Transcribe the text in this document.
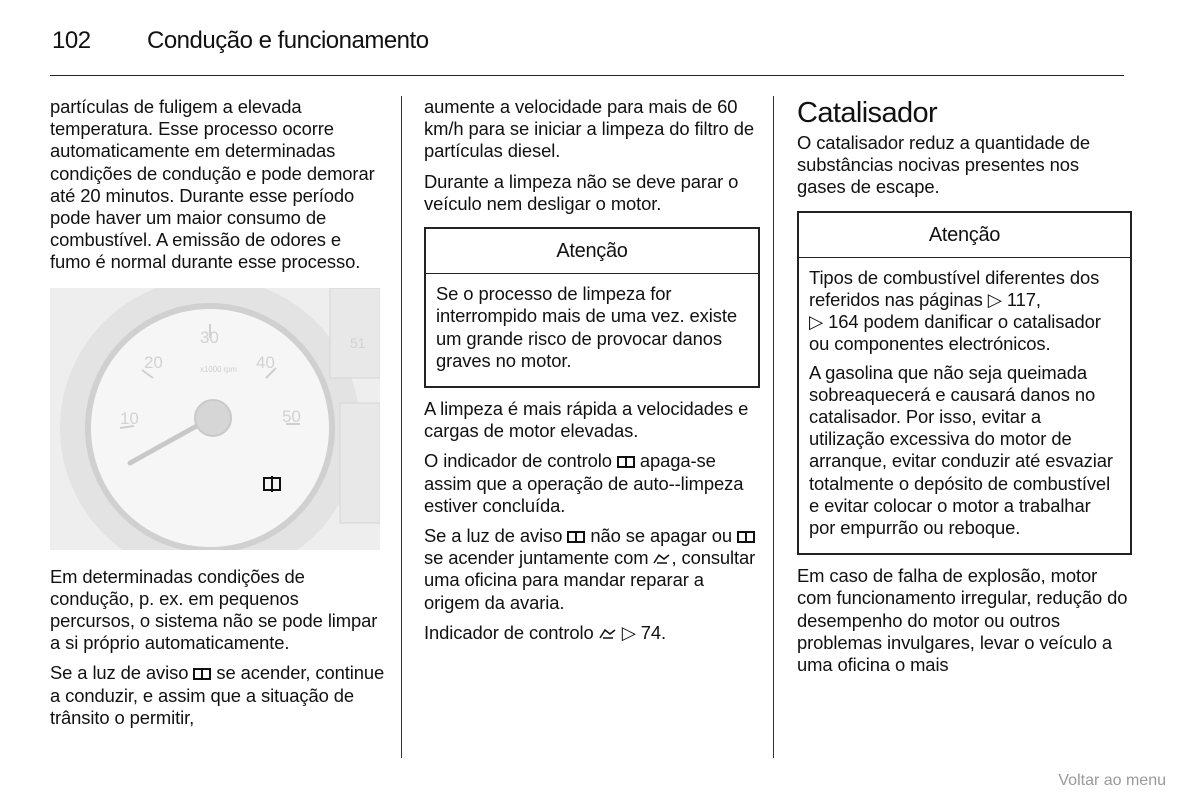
102	Condução e funcionamento

partículas de fuligem a elevada temperatura. Esse processo ocorre automaticamente em determinadas condições de condução e pode demorar até 20 minutos. Durante esse período pode haver um maior consumo de combustível. A emissão de odores e fumo é normal durante esse processo.

10
20
30
40
50
x1000 rpm
51

Em determinadas condições de condução, p. ex. em pequenos percursos, o sistema não se pode limpar a si próprio automaticamente.

Se a luz de aviso se acender, continue a conduzir, e assim que a situação de trânsito o permitir,

aumente a velocidade para mais de 60 km/h para se iniciar a limpeza do filtro de partículas diesel.

Durante a limpeza não se deve parar o veículo nem desligar o motor.

Atenção

Se o processo de limpeza for interrompido mais de uma vez. existe um grande risco de provocar danos graves no motor.

A limpeza é mais rápida a velocidades e cargas de motor elevadas.

O indicador de controlo apaga-se assim que a operação de auto--limpeza estiver concluída.

Se a luz de aviso não se apagar ou  se acender juntamente com , consultar uma oficina para mandar reparar a origem da avaria.

Indicador de controlo ▷ 74.

Catalisador

O catalisador reduz a quantidade de substâncias nocivas presentes nos gases de escape.

Atenção

Tipos de combustível diferentes dos referidos nas páginas ▷ 117,
▷ 164 podem danificar o catalisador ou componentes electrónicos.

A gasolina que não seja queimada sobreaquecerá e causará danos no catalisador. Por isso, evitar a utilização excessiva do motor de arranque, evitar conduzir até esvaziar totalmente o depósito de combustível e evitar colocar o motor a trabalhar por empurrão ou reboque.

Em caso de falha de explosão, motor com funcionamento irregular, redução do desempenho do motor ou outros problemas invulgares, levar o veículo a uma oficina o mais

Voltar ao menu
